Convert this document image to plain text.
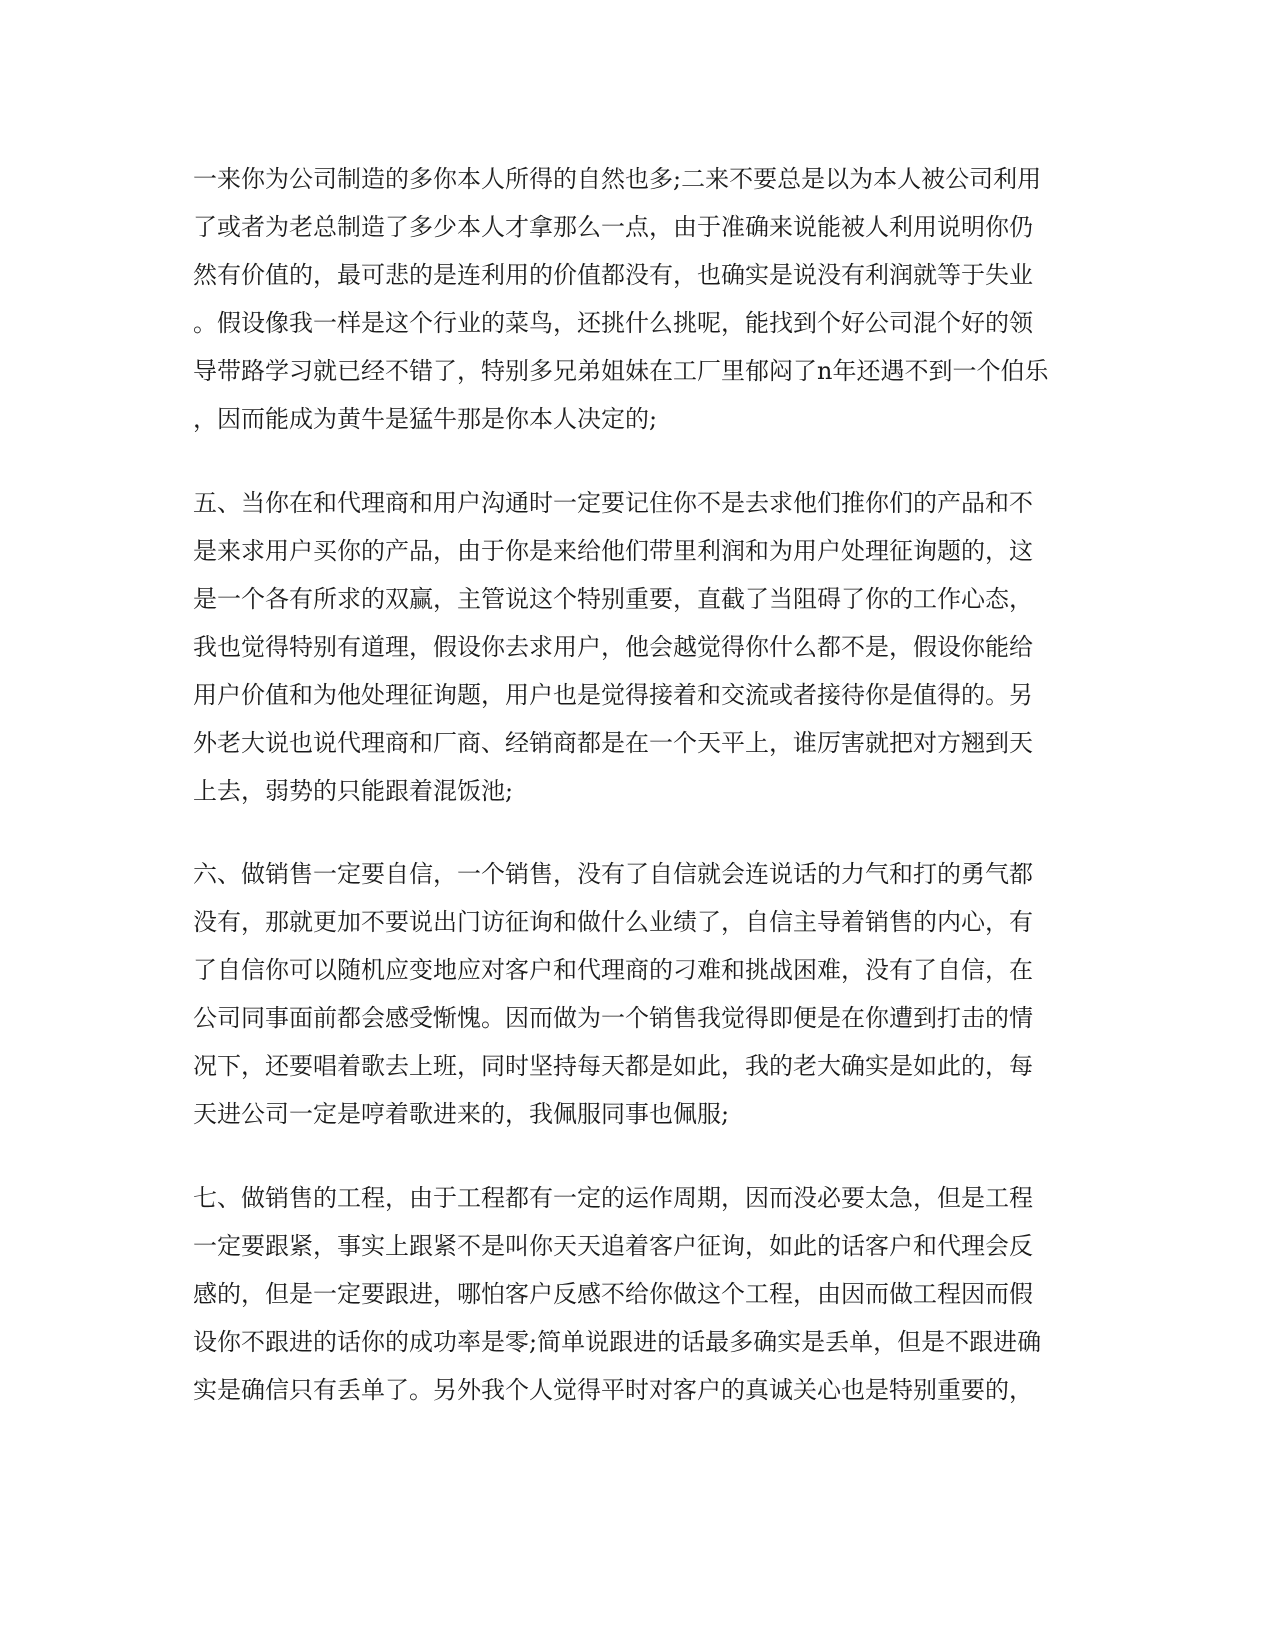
一来你为公司制造的多你本人所得的自然也多;二来不要总是以为本人被公司利用
了或者为老总制造了多少本人才拿那么一点，由于准确来说能被人利用说明你仍
然有价值的，最可悲的是连利用的价值都没有，也确实是说没有利润就等于失业
。假设像我一样是这个行业的菜鸟，还挑什么挑呢，能找到个好公司混个好的领
导带路学习就已经不错了，特别多兄弟姐妹在工厂里郁闷了n年还遇不到一个伯乐
，因而能成为黄牛是猛牛那是你本人决定的;
五、当你在和代理商和用户沟通时一定要记住你不是去求他们推你们的产品和不
是来求用户买你的产品，由于你是来给他们带里利润和为用户处理征询题的，这
是一个各有所求的双赢，主管说这个特别重要，直截了当阻碍了你的工作心态，
我也觉得特别有道理，假设你去求用户，他会越觉得你什么都不是，假设你能给
用户价值和为他处理征询题，用户也是觉得接着和交流或者接待你是值得的。另
外老大说也说代理商和厂商、经销商都是在一个天平上，谁厉害就把对方翘到天
上去，弱势的只能跟着混饭池;
六、做销售一定要自信，一个销售，没有了自信就会连说话的力气和打的勇气都
没有，那就更加不要说出门访征询和做什么业绩了，自信主导着销售的内心，有
了自信你可以随机应变地应对客户和代理商的刁难和挑战困难，没有了自信，在
公司同事面前都会感受惭愧。因而做为一个销售我觉得即便是在你遭到打击的情
况下，还要唱着歌去上班，同时坚持每天都是如此，我的老大确实是如此的，每
天进公司一定是哼着歌进来的，我佩服同事也佩服;
七、做销售的工程，由于工程都有一定的运作周期，因而没必要太急，但是工程
一定要跟紧，事实上跟紧不是叫你天天追着客户征询，如此的话客户和代理会反
感的，但是一定要跟进，哪怕客户反感不给你做这个工程，由因而做工程因而假
设你不跟进的话你的成功率是零;简单说跟进的话最多确实是丢单，但是不跟进确
实是确信只有丢单了。另外我个人觉得平时对客户的真诚关心也是特别重要的，
